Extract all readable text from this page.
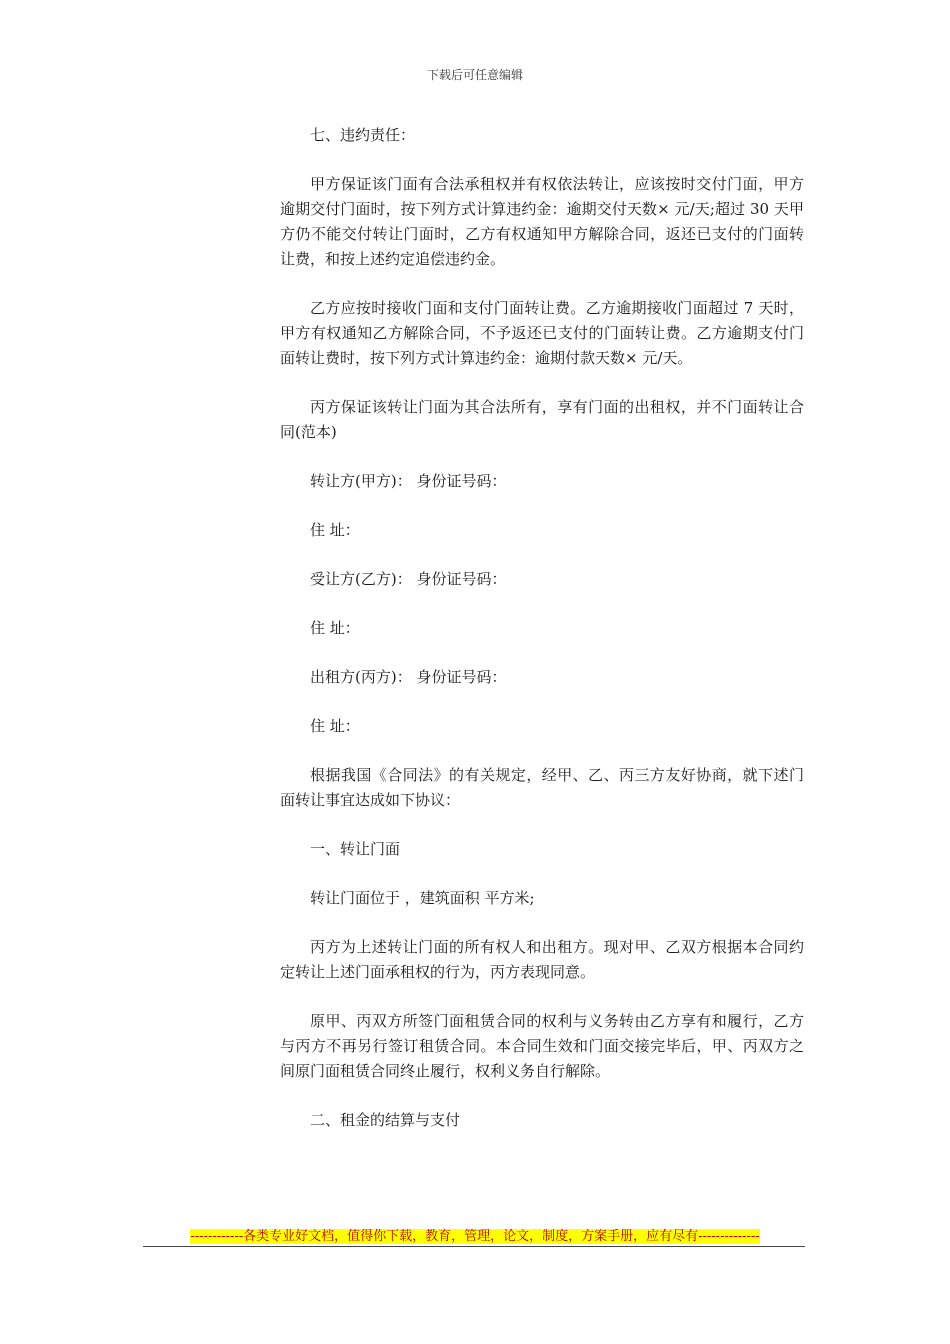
下载后可任意编辑

七、违约责任：

甲方保证该门面有合法承租权并有权依法转让，应该按时交付门面，甲方逾期交付门面时，按下列方式计算违约金：逾期交付天数× 元/天;超过 30 天甲方仍不能交付转让门面时，乙方有权通知甲方解除合同，返还已支付的门面转让费，和按上述约定追偿违约金。

乙方应按时接收门面和支付门面转让费。乙方逾期接收门面超过 7 天时，甲方有权通知乙方解除合同，不予返还已支付的门面转让费。乙方逾期支付门面转让费时，按下列方式计算违约金：逾期付款天数× 元/天。

丙方保证该转让门面为其合法所有，享有门面的出租权，并不门面转让合同(范本)

转让方(甲方)： 身份证号码：

住 址：

受让方(乙方)： 身份证号码：

住 址：

出租方(丙方)： 身份证号码：

住 址：

根据我国《合同法》的有关规定，经甲、乙、丙三方友好协商，就下述门面转让事宜达成如下协议：

一、转让门面

转让门面位于 ，建筑面积 平方米;

丙方为上述转让门面的所有权人和出租方。现对甲、乙双方根据本合同约定转让上述门面承租权的行为，丙方表现同意。

原甲、丙双方所签门面租赁合同的权利与义务转由乙方享有和履行，乙方与丙方不再另行签订租赁合同。本合同生效和门面交接完毕后，甲、丙双方之间原门面租赁合同终止履行，权利义务自行解除。

二、租金的结算与支付

------------各类专业好文档，值得你下载，教育，管理，论文，制度，方案手册，应有尽有--------------
